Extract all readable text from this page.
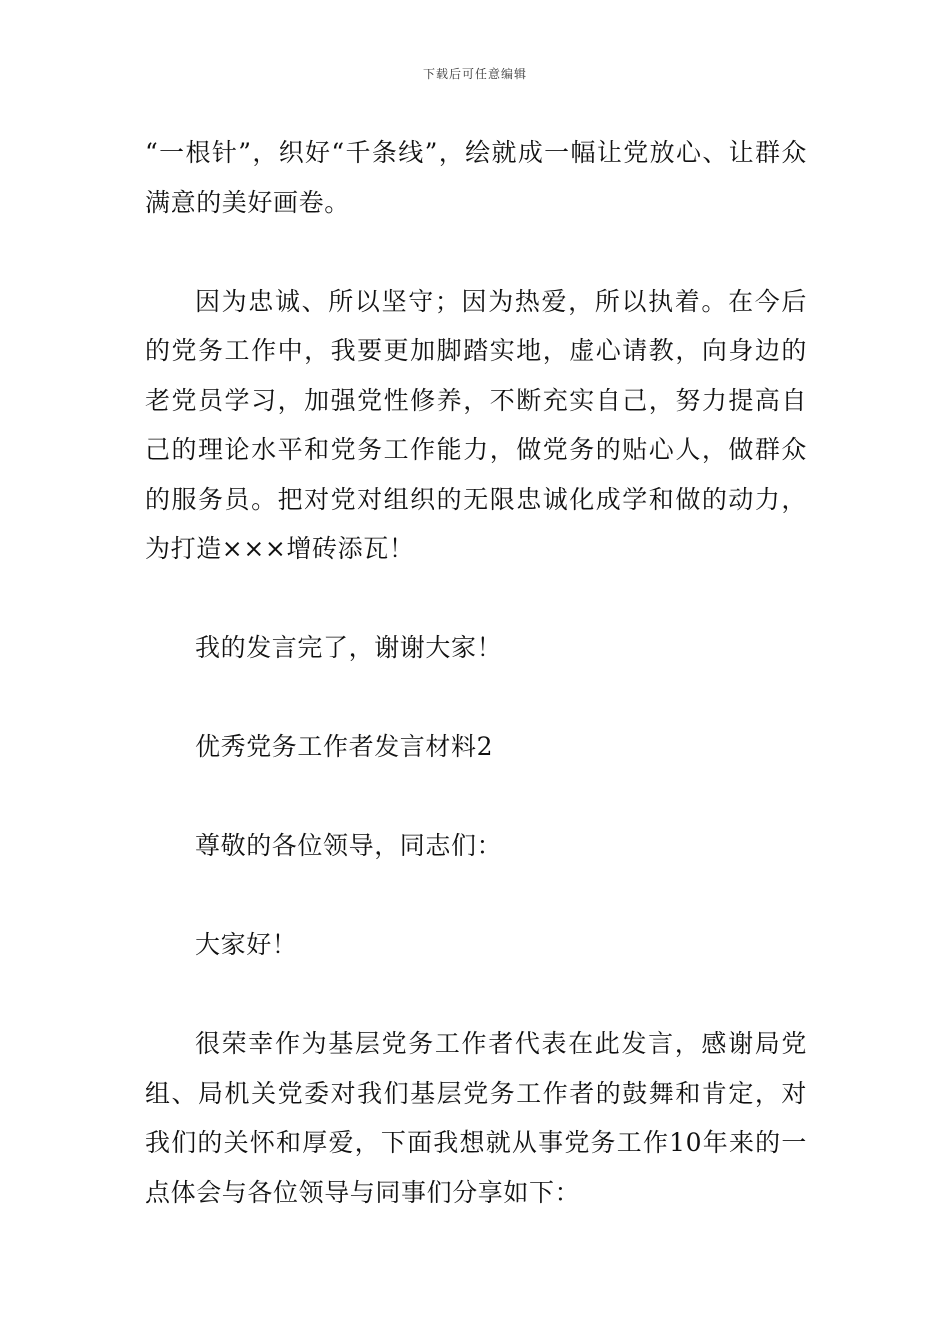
下载后可任意编辑

“一根针”，织好“千条线”，绘就成一幅让党放心、让群众满意的美好画卷。

因为忠诚、所以坚守；因为热爱，所以执着。在今后的党务工作中，我要更加脚踏实地，虚心请教，向身边的老党员学习，加强党性修养，不断充实自己，努力提高自己的理论水平和党务工作能力，做党务的贴心人，做群众的服务员。把对党对组织的无限忠诚化成学和做的动力，为打造×××增砖添瓦！

我的发言完了，谢谢大家！

优秀党务工作者发言材料2

尊敬的各位领导，同志们：

大家好！

很荣幸作为基层党务工作者代表在此发言，感谢局党组、局机关党委对我们基层党务工作者的鼓舞和肯定，对我们的关怀和厚爱，下面我想就从事党务工作10年来的一点体会与各位领导与同事们分享如下：
